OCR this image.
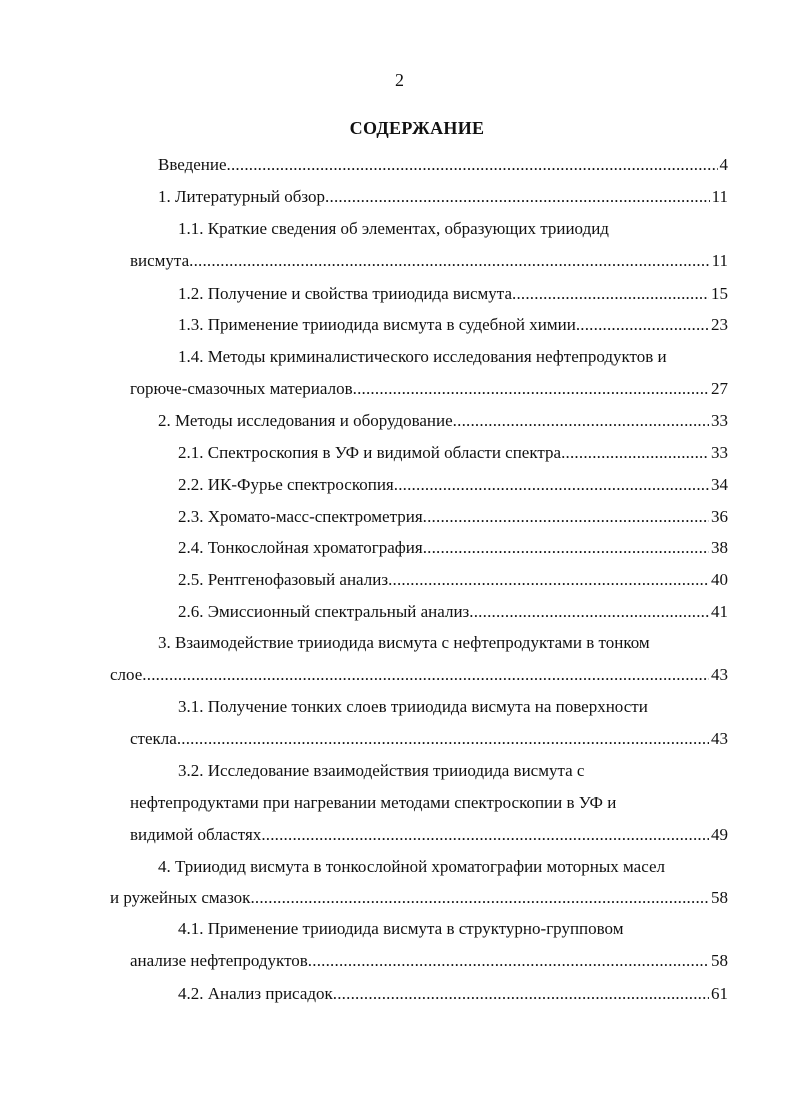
2
СОДЕРЖАНИЕ
Введение .....	4
1. Литературный обзор .....	11
1.1. Краткие сведения об элементах, образующих трииодид
висмута .....	11
1.2. Получение и свойства трииодида висмута .....	15
1.3. Применение трииодида висмута в судебной химии .....	23
1.4. Методы криминалистического исследования нефтепродуктов и
горюче-смазочных материалов .....	27
2. Методы исследования и оборудование .....	33
2.1. Спектроскопия в УФ и видимой области спектра .....	33
2.2. ИК-Фурье спектроскопия .....	34
2.3. Хромато-масс-спектрометрия .....	36
2.4. Тонкослойная хроматография .....	38
2.5. Рентгенофазовый анализ .....	40
2.6. Эмиссионный спектральный анализ .....	41
3. Взаимодействие трииодида висмута с нефтепродуктами в тонком
слое .....	43
3.1. Получение тонких слоев трииодида висмута на поверхности
стекла .....	43
3.2. Исследование взаимодействия трииодида висмута с
нефтепродуктами при нагревании методами спектроскопии в УФ и
видимой областях .....	49
4. Трииодид висмута в тонкослойной хроматографии моторных масел
и ружейных смазок .....	58
4.1. Применение трииодида висмута в структурно-групповом
анализе нефтепродуктов .....	58
4.2. Анализ присадок .....	61
